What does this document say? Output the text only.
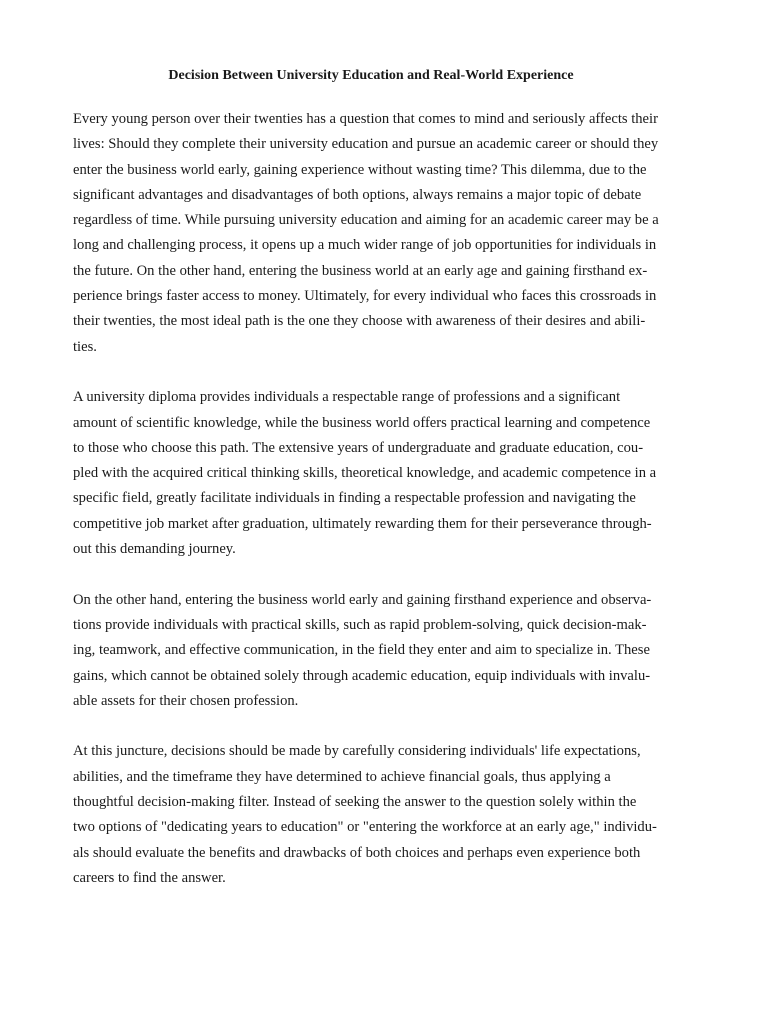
Decision Between University Education and Real-World Experience
Every young person over their twenties has a question that comes to mind and seriously affects their
lives: Should they complete their university education and pursue an academic career or should they
enter the business world early, gaining experience without wasting time? This dilemma, due to the
significant advantages and disadvantages of both options, always remains a major topic of debate
regardless of time. While pursuing university education and aiming for an academic career may be a
long and challenging process, it opens up a much wider range of job opportunities for individuals in
the future. On the other hand, entering the business world at an early age and gaining firsthand ex-
perience brings faster access to money. Ultimately, for every individual who faces this crossroads in
their twenties, the most ideal path is the one they choose with awareness of their desires and abili-
ties.
A university diploma provides individuals a respectable range of professions and a significant
amount of scientific knowledge, while the business world offers practical learning and competence
to those who choose this path. The extensive years of undergraduate and graduate education, cou-
pled with the acquired critical thinking skills, theoretical knowledge, and academic competence in a
specific field, greatly facilitate individuals in finding a respectable profession and navigating the
competitive job market after graduation, ultimately rewarding them for their perseverance through-
out this demanding journey.
On the other hand, entering the business world early and gaining firsthand experience and observa-
tions provide individuals with practical skills, such as rapid problem-solving, quick decision-mak-
ing, teamwork, and effective communication, in the field they enter and aim to specialize in. These
gains, which cannot be obtained solely through academic education, equip individuals with invalu-
able assets for their chosen profession.
At this juncture, decisions should be made by carefully considering individuals' life expectations,
abilities, and the timeframe they have determined to achieve financial goals, thus applying a
thoughtful decision-making filter. Instead of seeking the answer to the question solely within the
two options of "dedicating years to education" or "entering the workforce at an early age," individu-
als should evaluate the benefits and drawbacks of both choices and perhaps even experience both
careers to find the answer.
